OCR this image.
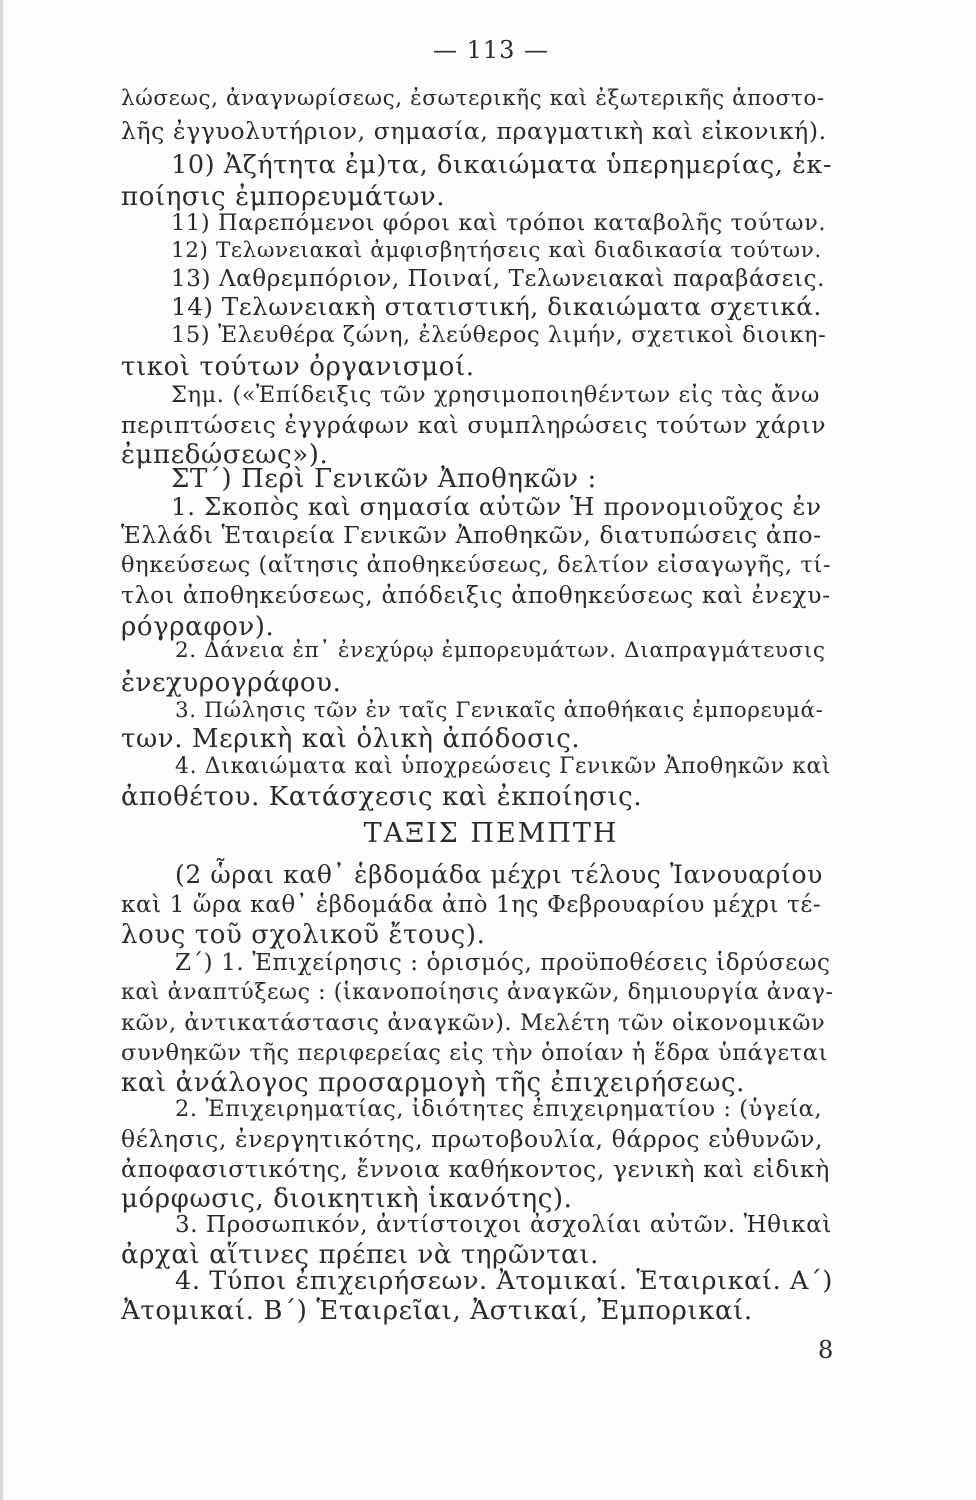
— 113 —
λώσεως, ἀναγνωρίσεως, ἐσωτερικῆς καὶ ἐξωτερικῆς ἀποστο-
λῆς ἐγγυολυτήριον, σημασία, πραγματικὴ καὶ εἰκονική).
10) Ἀζήτητα ἐμ)τα, δικαιώματα ὑπερημερίας, ἐκ-
ποίησις ἐμπορευμάτων.
11) Παρεπόμενοι φόροι καὶ τρόποι καταβολῆς τούτων.
12) Τελωνειακαὶ ἀμφισβητήσεις καὶ διαδικασία τούτων.
13) Λαθρεμπόριον, Ποιναί, Τελωνειακαὶ παραβάσεις.
14) Τελωνειακὴ στατιστική, δικαιώματα σχετικά.
15) Ἐλευθέρα ζώνη, ἐλεύθερος λιμήν, σχετικοὶ διοικη-
τικοὶ τούτων ὀργανισμοί.
Σημ. («Ἐπίδειξις τῶν χρησιμοποιηθέντων εἰς τὰς ἄνω
περιπτώσεις ἐγγράφων καὶ συμπληρώσεις τούτων χάριν
ἐμπεδώσεως»).
ΣΤ΄) Περὶ Γενικῶν Ἀποθηκῶν :
1. Σκοπὸς καὶ σημασία αὐτῶν Ἡ προνομιοῦχος ἐν
Ἑλλάδι Ἑταιρεία Γενικῶν Ἀποθηκῶν, διατυπώσεις ἀπο-
θηκεύσεως (αἴτησις ἀποθηκεύσεως, δελτίον εἰσαγωγῆς, τί-
τλοι ἀποθηκεύσεως, ἀπόδειξις ἀποθηκεύσεως καὶ ἐνεχυ-
ρόγραφον).
2. Δάνεια ἐπ᾿ ἐνεχύρῳ ἐμπορευμάτων. Διαπραγμάτευσις
ἐνεχυρογράφου.
3. Πώλησις τῶν ἐν ταῖς Γενικαῖς ἀποθήκαις ἐμπορευμά-
των. Μερικὴ καὶ ὁλικὴ ἀπόδοσις.
4. Δικαιώματα καὶ ὑποχρεώσεις Γενικῶν Ἀποθηκῶν καὶ
ἀποθέτου. Κατάσχεσις καὶ ἐκποίησις.
ΤΑΞΙΣ ΠΕΜΠΤΗ
(2 ὧραι καθ᾿ ἑβδομάδα μέχρι τέλους Ἰανουαρίου
καὶ 1 ὥρα καθ᾿ ἑβδομάδα ἀπὸ 1ης Φεβρουαρίου μέχρι τέ-
λους τοῦ σχολικοῦ ἔτους).
Ζ΄) 1. Ἐπιχείρησις : ὁρισμός, προϋποθέσεις ἱδρύσεως
καὶ ἀναπτύξεως : (ἱκανοποίησις ἀναγκῶν, δημιουργία ἀναγ-
κῶν, ἀντικατάστασις ἀναγκῶν). Μελέτη τῶν οἰκονομικῶν
συνθηκῶν τῆς περιφερείας εἰς τὴν ὁποίαν ἡ ἕδρα ὑπάγεται
καὶ ἀνάλογος προσαρμογὴ τῆς ἐπιχειρήσεως.
2. Ἐπιχειρηματίας, ἰδιότητες ἐπιχειρηματίου : (ὑγεία,
θέλησις, ἐνεργητικότης, πρωτοβουλία, θάρρος εὐθυνῶν,
ἀποφασιστικότης, ἔννοια καθήκοντος, γενικὴ καὶ εἰδικὴ
μόρφωσις, διοικητικὴ ἱκανότης).
3. Προσωπικόν, ἀντίστοιχοι ἀσχολίαι αὐτῶν. Ἠθικαὶ
ἀρχαὶ αἵτινες πρέπει νὰ τηρῶνται.
4. Τύποι ἐπιχειρήσεων. Ἀτομικαί. Ἑταιρικαί. Α΄)
Ἀτομικαί. Β΄) Ἑταιρεῖαι, Ἀστικαί, Ἐμπορικαί.
8
